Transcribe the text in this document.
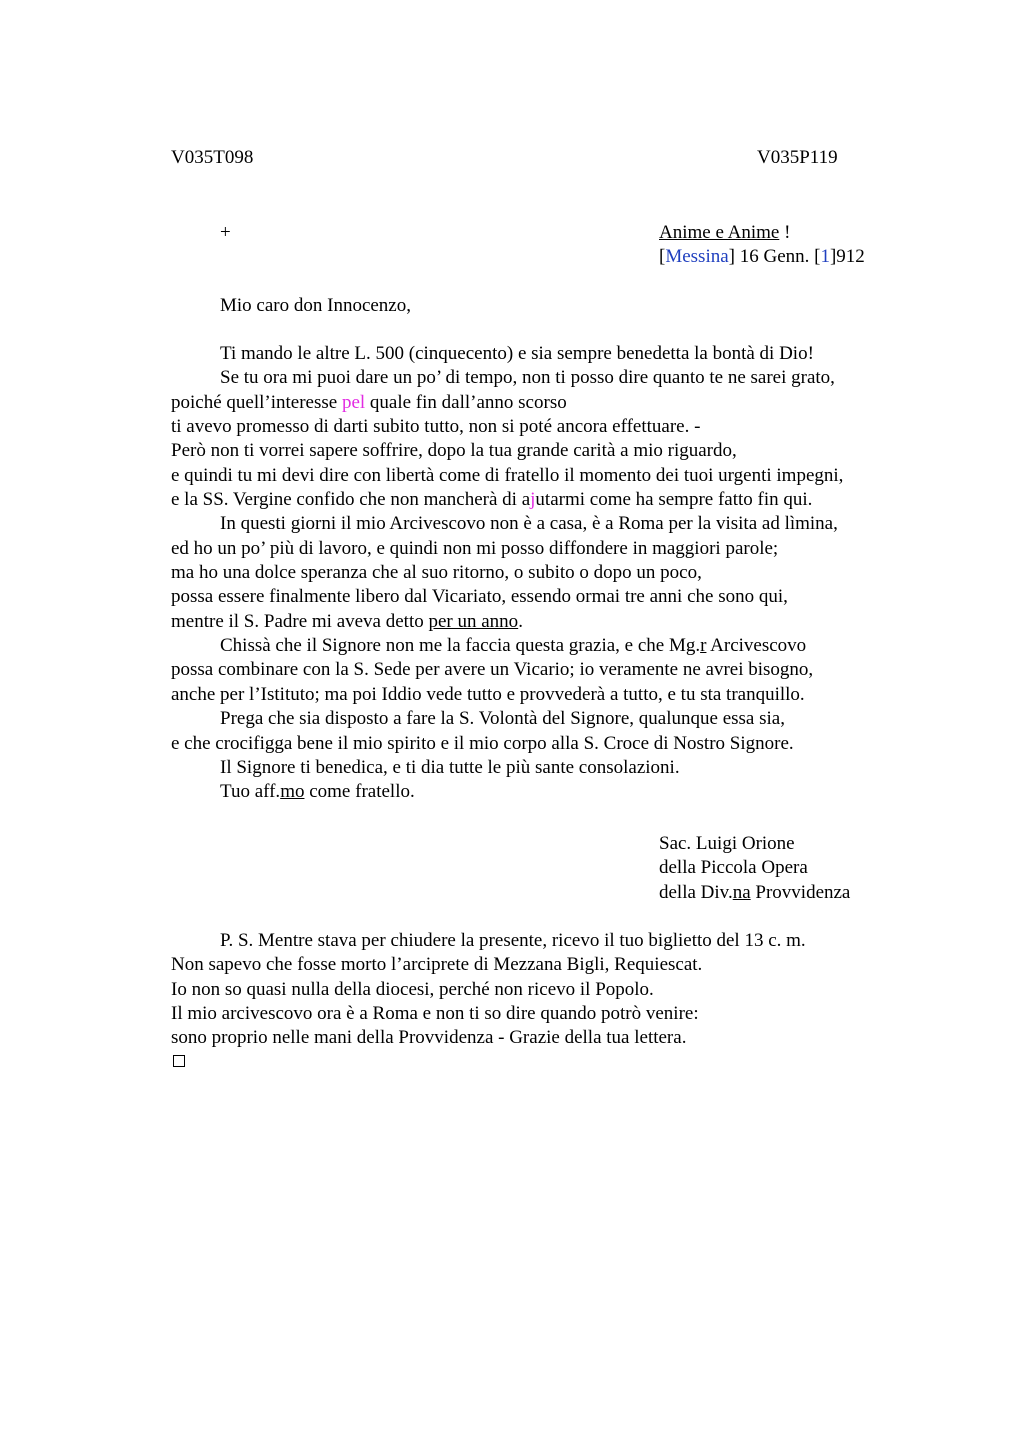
V035T098	V035P119
+	Anime e Anime !
[Messina] 16 Genn. [1]912
Mio caro don Innocenzo,
Ti mando le altre L. 500 (cinquecento) e sia sempre benedetta la bontà di Dio!
Se tu ora mi puoi dare un po’ di tempo, non ti posso dire quanto te ne sarei grato,
poiché quell’interesse pel quale fin dall’anno scorso
ti avevo promesso di darti subito tutto, non si poté ancora effettuare. -
Però non ti vorrei sapere soffrire, dopo la tua grande carità a mio riguardo,
e quindi tu mi devi dire con libertà come di fratello il momento dei tuoi urgenti impegni,
e la SS. Vergine confido che non mancherà di ajutarmi come ha sempre fatto fin qui.
In questi giorni il mio Arcivescovo non è a casa, è a Roma per la visita ad lìmina,
ed ho un po’ più di lavoro, e quindi non mi posso diffondere in maggiori parole;
ma ho una dolce speranza che al suo ritorno, o subito o dopo un poco,
possa essere finalmente libero dal Vicariato, essendo ormai tre anni che sono qui,
mentre il S. Padre mi aveva detto per un anno.
Chissà che il Signore non me la faccia questa grazia, e che Mg.r Arcivescovo
possa combinare con la S. Sede per avere un Vicario; io veramente ne avrei bisogno,
anche per l’Istituto; ma poi Iddio vede tutto e provvederà a tutto, e tu sta tranquillo.
Prega che sia disposto a fare la S. Volontà del Signore, qualunque essa sia,
e che crocifigga bene il mio spirito e il mio corpo alla S. Croce di Nostro Signore.
Il Signore ti benedica, e ti dia tutte le più sante consolazioni.
Tuo aff.mo come fratello.
Sac. Luigi Orione
della Piccola Opera
della Div.na Provvidenza
P. S. Mentre stava per chiudere la presente, ricevo il tuo biglietto del 13 c. m.
Non sapevo che fosse morto l’arciprete di Mezzana Bigli, Requiescat.
Io non so quasi nulla della diocesi, perché non ricevo il Popolo.
Il mio arcivescovo ora è a Roma e non ti so dire quando potrò venire:
sono proprio nelle mani della Provvidenza - Grazie della tua lettera.
